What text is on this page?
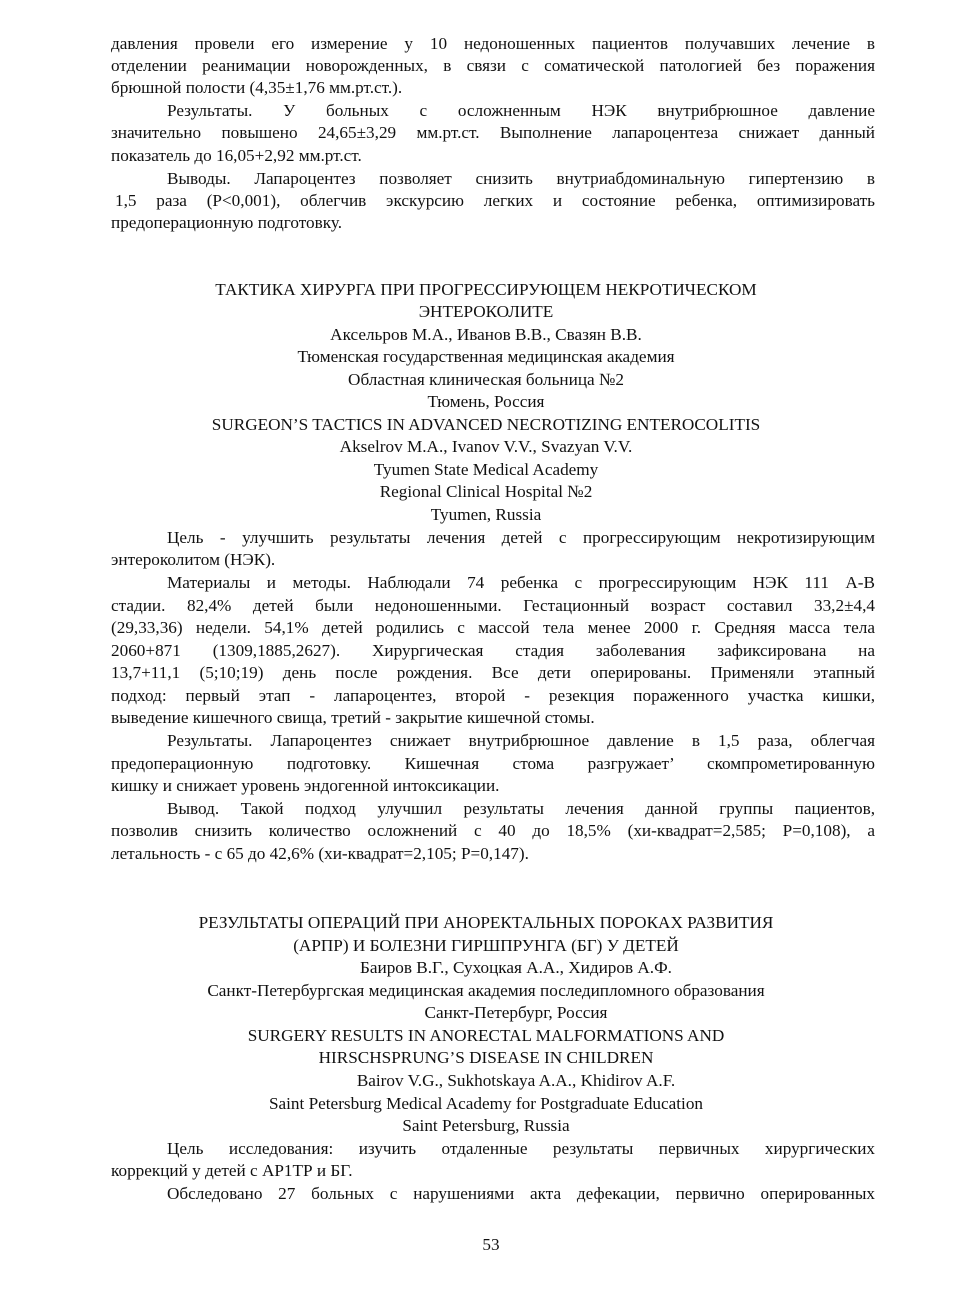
давления провели его измерение у 10 недоношенных пациентов получавших лечение в
отделении реанимации новорожденных, в связи с соматической патологией без поражения
брюшной полости (4,35±1,76 мм.рт.ст.).
Результаты. У больных с осложненным НЭК внутрибрюшное давление
значительно повышено 24,65±3,29 мм.рт.ст. Выполнение лапароцентеза снижает данный
показатель до 16,05+2,92 мм.рт.ст.
Выводы. Лапароцентез позволяет снизить внутриабдоминальную гипертензию в
1,5 раза (P<0,001), облегчив экскурсию легких и состояние ребенка, оптимизировать
предоперационную подготовку.
ТАКТИКА ХИРУРГА ПРИ ПРОГРЕССИРУЮЩЕМ НЕКРОТИЧЕСКОМ
ЭНТЕРОКОЛИТЕ
Аксельров М.А., Иванов В.В., Свазян В.В.
Тюменская государственная медицинская академия
Областная клиническая больница №2
Тюмень, Россия
SURGEON’S TACTICS IN ADVANCED NECROTIZING ENTEROCOLITIS
Akselrov M.A., Ivanov V.V., Svazyan V.V.
Tyumen State Medical Academy
Regional Clinical Hospital №2
Tyumen, Russia
Цель - улучшить результаты лечения детей с прогрессирующим некротизирующим
энтероколитом (НЭК).
Материалы и методы. Наблюдали 74 ребенка с прогрессирующим НЭК 111 A-B
стадии. 82,4% детей были недоношенными. Гестационный возраст составил 33,2±4,4
(29,33,36) недели. 54,1% детей родились с массой тела менее 2000 г. Средняя масса тела
2060+871 (1309,1885,2627). Хирургическая стадия заболевания зафиксирована на
13,7+11,1 (5;10;19) день после рождения. Все дети оперированы. Применяли этапный
подход: первый этап - лапароцентез, второй - резекция пораженного участка кишки,
выведение кишечного свища, третий - закрытие кишечной стомы.
Результаты. Лапароцентез снижает внутрибрюшное давление в 1,5 раза, облегчая
предоперационную подготовку. Кишечная стома разгружает’ скомпрометированную
кишку и снижает уровень эндогенной интоксикации.
Вывод. Такой подход улучшил результаты лечения данной группы пациентов,
позволив снизить количество осложнений с 40 до 18,5% (хи-квадрат=2,585; Р=0,108), а
летальность - с 65 до 42,6% (хи-квадрат=2,105; Р=0,147).
РЕЗУЛЬТАТЫ ОПЕРАЦИЙ ПРИ АНОРЕКТАЛЬНЫХ ПОРОКАХ РАЗВИТИЯ
(АРПР) И БОЛЕЗНИ ГИРШПРУНГА (БГ) У ДЕТЕЙ
Баиров В.Г., Сухоцкая А.А., Хидиров А.Ф.
Санкт-Петербургская медицинская академия последипломного образования
Санкт-Петербург, Россия
SURGERY RESULTS IN ANORECTAL MALFORMATIONS AND
HIRSCHSPRUNG’S DISEASE IN CHILDREN
Bairov V.G., Sukhotskaya A.A., Khidirov A.F.
Saint Petersburg Medical Academy for Postgraduate Education
Saint Petersburg, Russia
Цель исследования: изучить отдаленные результаты первичных хирургических
коррекций у детей с АР1ТР и БГ.
Обследовано 27 больных с нарушениями акта дефекации, первично оперированных
53
